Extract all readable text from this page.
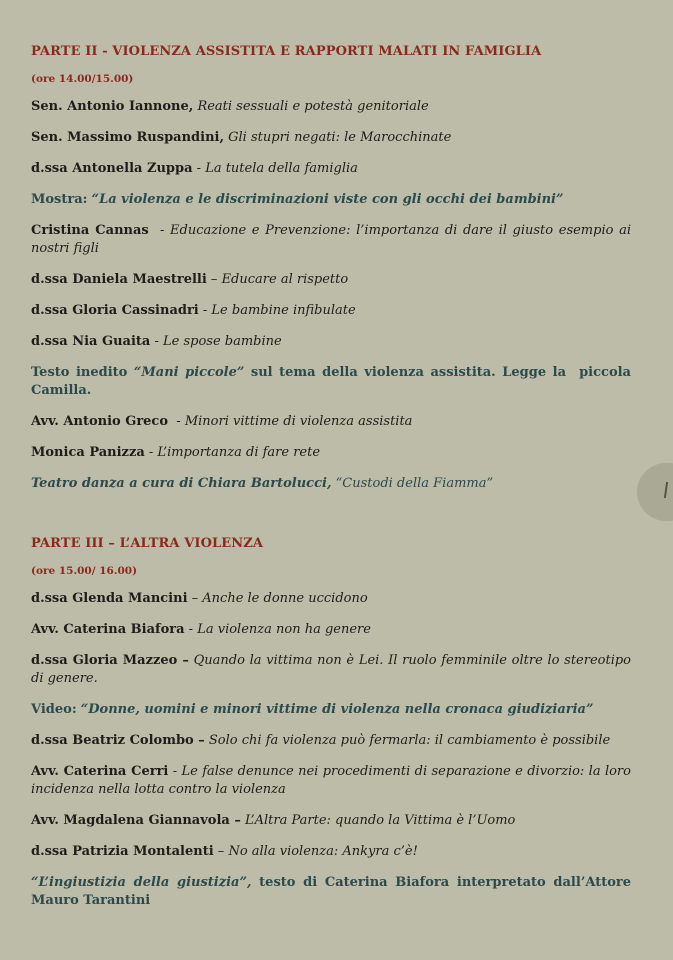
PARTE II - VIOLENZA ASSISTITA E RAPPORTI MALATI IN FAMIGLIA

(ore 14.00/15.00)

Sen. Antonio Iannone, Reati sessuali e potestà genitoriale

Sen. Massimo Ruspandini, Gli stupri negati: le Marocchinate

d.ssa Antonella Zuppa - La tutela della famiglia

Mostra: “La violenza e le discriminazioni viste con gli occhi dei bambini”

Cristina Cannas  - Educazione e Prevenzione: l’importanza di dare il giusto esempio ai nostri figli

d.ssa Daniela Maestrelli – Educare al rispetto

d.ssa Gloria Cassinadri - Le bambine infibulate

d.ssa Nia Guaita - Le spose bambine

Testo inedito “Mani piccole” sul tema della violenza assistita. Legge la  piccola Camilla.

Avv. Antonio Greco  - Minori vittime di violenza assistita

Monica Panizza - L’importanza di fare rete

Teatro danza a cura di Chiara Bartolucci, “Custodi della Fiamma”

PARTE III – L’ALTRA VIOLENZA

(ore 15.00/ 16.00)

d.ssa Glenda Mancini – Anche le donne uccidono

Avv. Caterina Biafora - La violenza non ha genere

d.ssa Gloria Mazzeo – Quando la vittima non è Lei. Il ruolo femminile oltre lo stereotipo di genere.

Video: “Donne, uomini e minori vittime di violenza nella cronaca giudiziaria”

d.ssa Beatriz Colombo – Solo chi fa violenza può fermarla: il cambiamento è possibile

Avv. Caterina Cerri - Le false denunce nei procedimenti di separazione e divorzio: la loro incidenza nella lotta contro la violenza

Avv. Magdalena Giannavola – L’Altra Parte: quando la Vittima è l’Uomo

d.ssa Patrizia Montalenti – No alla violenza: Ankyra c’è!

“L’ingiustizia della giustizia”, testo di Caterina Biafora interpretato dall’Attore Mauro Tarantini
